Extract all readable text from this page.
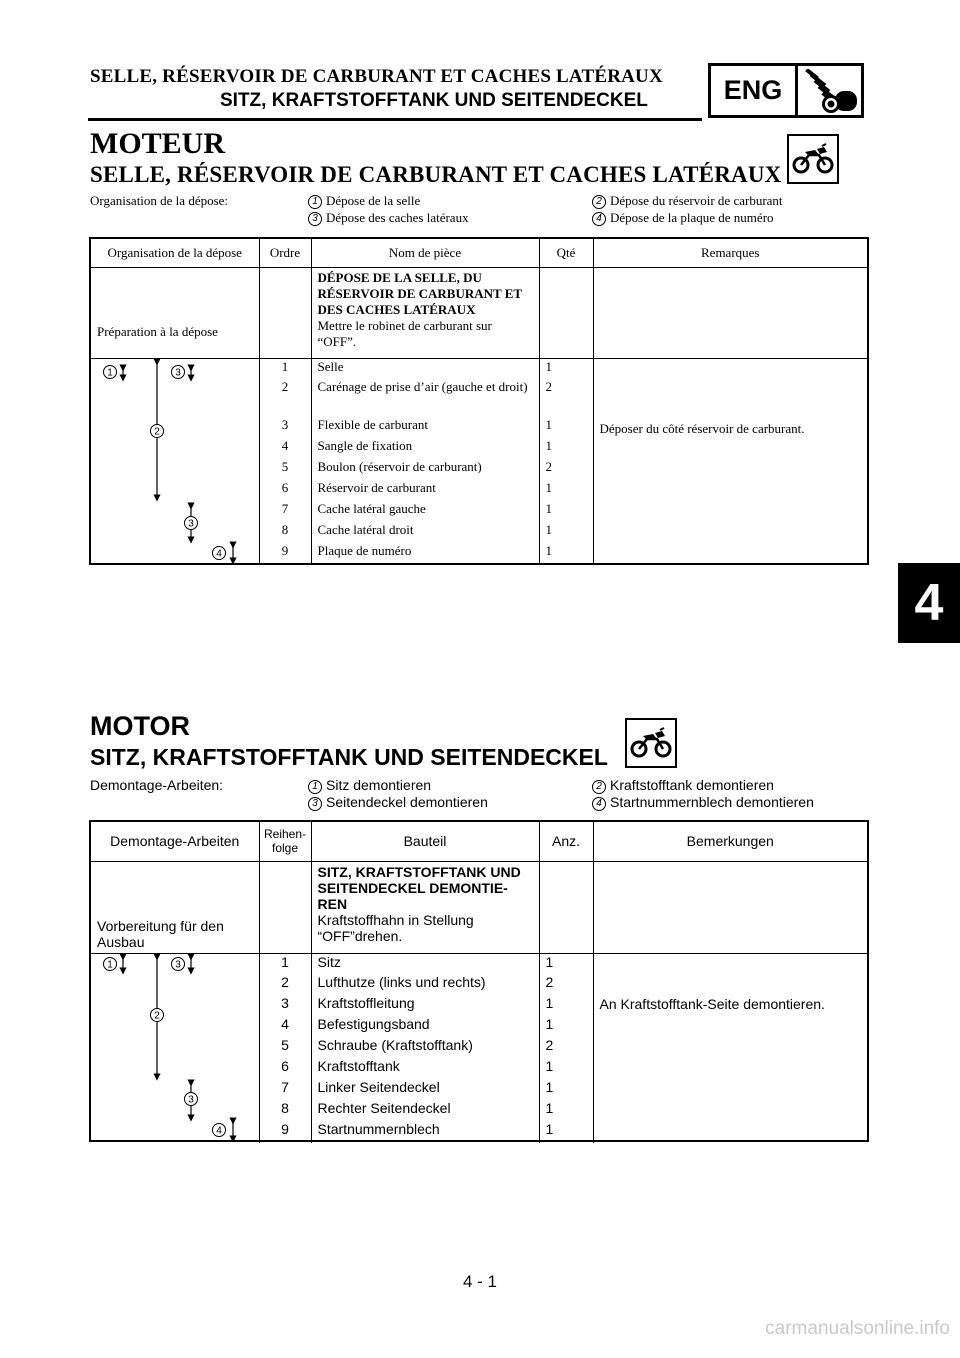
SELLE, RÉSERVOIR DE CARBURANT ET CACHES LATÉRAUX
SITZ, KRAFTSTOFFTANK UND SEITENDECKEL	ENG
4
MOTEUR
SELLE, RÉSERVOIR DE CARBURANT ET CACHES LATÉRAUX
Organisation de la dépose:	1 Dépose de la selle	2 Dépose du réservoir de carburant
3 Dépose des caches latéraux	4 Dépose de la plaque de numéro
Organisation de la dépose	Ordre	Nom de pièce	Qté	Remarques
Préparation à la dépose		DÉPOSE DE LA SELLE, DU RÉSERVOIR DE CARBURANT ET DES CACHES LATÉRAUX
Mettre le robinet de carburant sur “OFF”.		

	1	Selle	1	Déposer du côté réservoir de carburant.
	2	Carénage de prise d’air (gauche et droit)	2	
	3	Flexible de carburant	1	
	4	Sangle de fixation	1	
	5	Boulon (réservoir de carburant)	2	
	6	Réservoir de carburant	1	
	7	Cache latéral gauche	1	
	8	Cache latéral droit	1	
	9	Plaque de numéro	1	
1	3
2
3
4
MOTOR
SITZ, KRAFTSTOFFTANK UND SEITENDECKEL
Demontage-Arbeiten:	1 Sitz demontieren	2 Kraftstofftank demontieren
3 Seitendeckel demontieren	4 Startnummernblech demontieren
Demontage-Arbeiten	Reihen-folge	Bauteil	Anz.	Bemerkungen
Vorbereitung für den Ausbau		SITZ, KRAFTSTOFFTANK UND SEITENDECKEL DEMONTIE-REN
Kraftstoffhahn in Stellung “OFF”drehen.		

	1	Sitz	1	An Kraftstofftank-Seite demontieren.
	2	Lufthutze (links und rechts)	2	
	3	Kraftstoffleitung	1	
	4	Befestigungsband	1	
	5	Schraube (Kraftstofftank)	2	
	6	Kraftstofftank	1	
	7	Linker Seitendeckel	1	
	8	Rechter Seitendeckel	1	
	9	Startnummernblech	1	
1	3
2
3
4
4 - 1
carmanualsonline.info
